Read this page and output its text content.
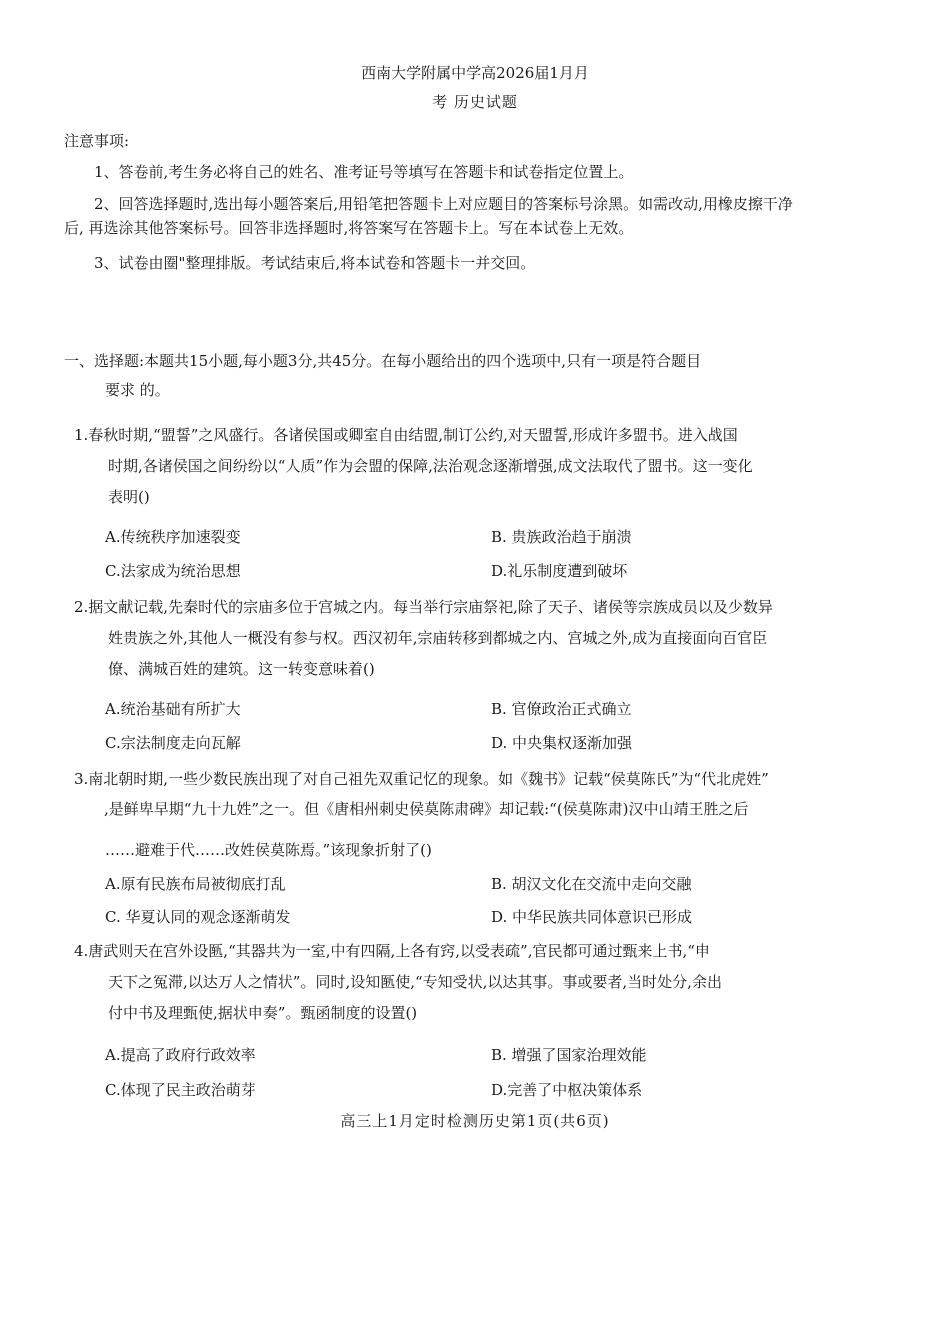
西南大学附属中学高2026届1月月
考 历史试题
注意事项:
1、答卷前,考生务必将自己的姓名、准考证号等填写在答题卡和试卷指定位置上。
2、回答选择题时,选出每小题答案后,用铅笔把答题卡上对应题目的答案标号涂黑。如需改动,用橡皮擦干净
后, 再选涂其他答案标号。回答非选择题时,将答案写在答题卡上。写在本试卷上无效。
3、试卷由圈"整理排版。考试结束后,将本试卷和答题卡一并交回。
一、选择题:本题共15小题,每小题3分,共45分。在每小题给出的四个选项中,只有一项是符合题目
要求 的。
1.春秋时期,“盟誓”之风盛行。各诸侯国或卿室自由结盟,制订公约,对天盟誓,形成许多盟书。进入战国
时期,各诸侯国之间纷纷以“人质”作为会盟的保障,法治观念逐渐增强,成文法取代了盟书。这一变化
表明()
A.传统秩序加速裂变	B. 贵族政治趋于崩溃
C.法家成为统治思想	D.礼乐制度遭到破坏
2.据文献记载,先秦时代的宗庙多位于宫城之内。每当举行宗庙祭祀,除了天子、诸侯等宗族成员以及少数异
姓贵族之外,其他人一概没有参与权。西汉初年,宗庙转移到都城之内、宫城之外,成为直接面向百官臣
僚、满城百姓的建筑。这一转变意味着()
A.统治基础有所扩大	B. 官僚政治正式确立
C.宗法制度走向瓦解	D. 中央集权逐渐加强
3.南北朝时期,一些少数民族出现了对自己祖先双重记忆的现象。如《魏书》记载“侯莫陈氏”为“代北虎姓”
,是鲜卑早期“九十九姓”之一。但《唐相州刺史侯莫陈肃碑》却记载:“(侯莫陈肃)汉中山靖王胜之后
……避难于代……改姓侯莫陈焉。”该现象折射了()
A.原有民族布局被彻底打乱	B. 胡汉文化在交流中走向交融
C. 华夏认同的观念逐渐萌发	D. 中华民族共同体意识已形成
4.唐武则天在宫外设匦,“其器共为一室,中有四隔,上各有窍,以受表疏”,官民都可通过甄来上书,“申
天下之冤滞,以达万人之情状”。同时,设知匦使,“专知受状,以达其事。事或要者,当时处分,余出
付中书及理甄使,据状申奏”。甄函制度的设置()
A.提高了政府行政效率	B. 增强了国家治理效能
C.体现了民主政治萌芽	D.完善了中枢决策体系
高三上1月定时检测历史第1页(共6页)
